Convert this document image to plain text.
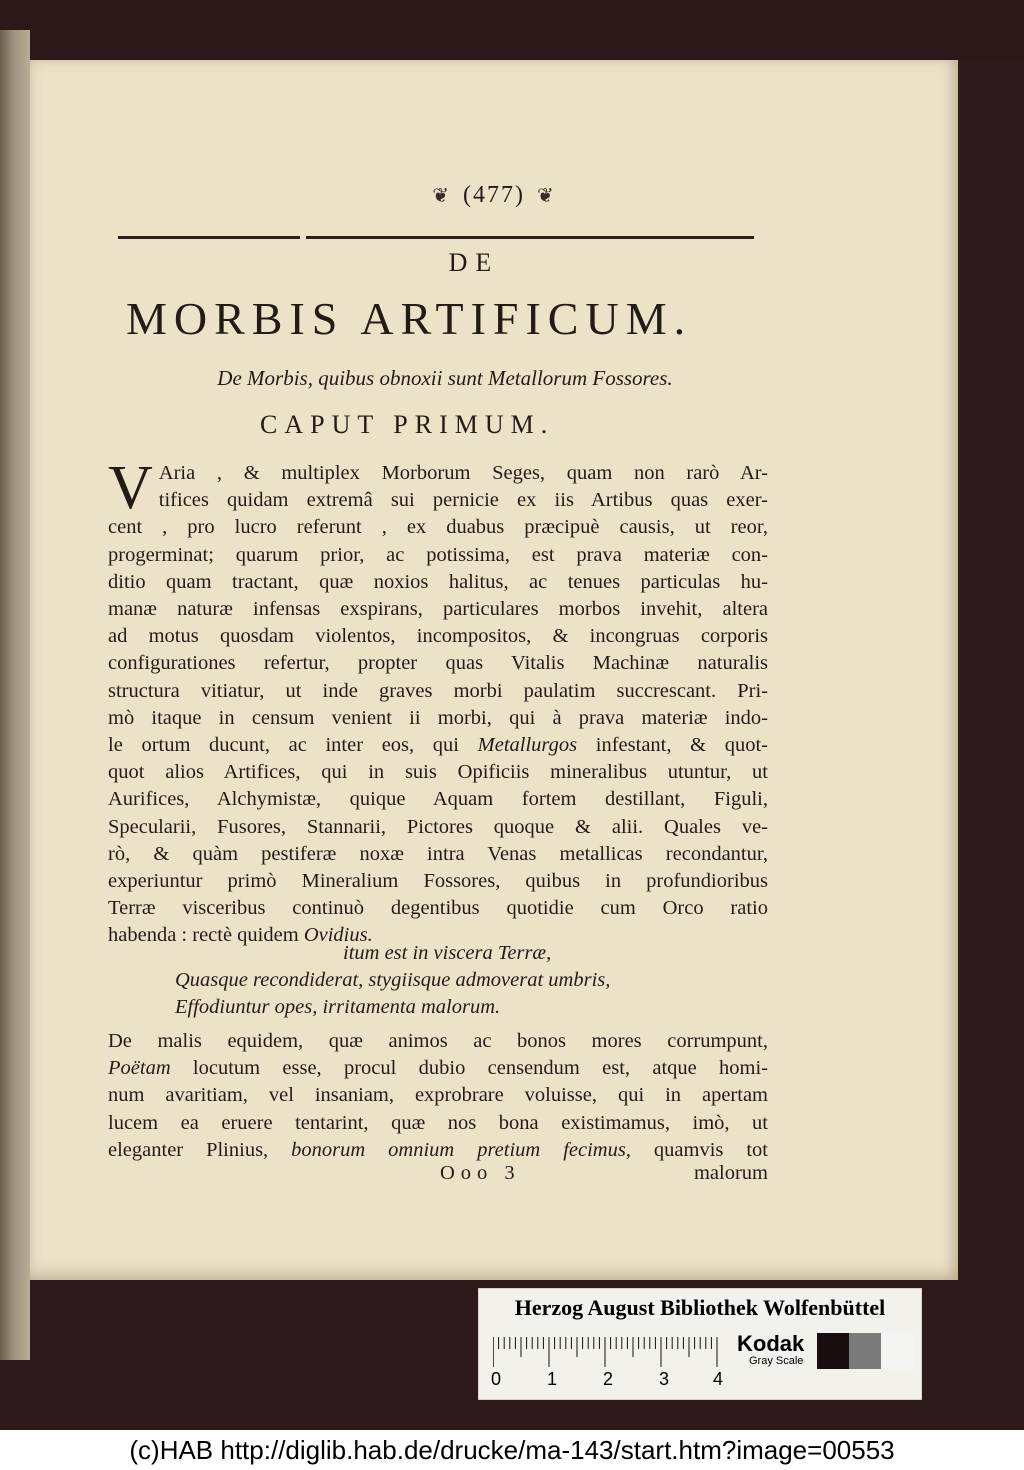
❦ (477) ❦
DE
MORBIS ARTIFICUM.
De Morbis, quibus obnoxii sunt Metallorum Fossores.
CAPUT PRIMUM.
V Aria , & multiplex Morborum Seges, quam non rarò Ar-
tifices quidam extremâ sui pernicie ex iis Artibus quas exer-
cent , pro lucro referunt , ex duabus præcipuè causis, ut reor,
progerminat; quarum prior, ac potissima, est prava materiæ con-
ditio quam tractant, quæ noxios halitus, ac tenues particulas hu-
manæ naturæ infensas exspirans, particulares morbos invehit, altera
ad motus quosdam violentos, incompositos, & incongruas corporis
configurationes refertur, propter quas Vitalis Machinæ naturalis
structura vitiatur, ut inde graves morbi paulatim succrescant. Pri-
mò itaque in censum venient ii morbi, qui à prava materiæ indo-
le ortum ducunt, ac inter eos, qui Metallurgos infestant, & quot-
quot alios Artifices, qui in suis Opificiis mineralibus utuntur, ut
Aurifices, Alchymistæ, quique Aquam fortem destillant, Figuli,
Specularii, Fusores, Stannarii, Pictores quoque & alii. Quales ve-
rò, & quàm pestiferæ noxæ intra Venas metallicas recondantur,
experiuntur primò Mineralium Fossores, quibus in profundioribus
Terræ visceribus continuò degentibus quotidie cum Orco ratio
habenda : rectè quidem Ovidius.
itum est in viscera Terræ,
Quasque recondiderat, stygiisque admoverat umbris,
Effodiuntur opes, irritamenta malorum.
De malis equidem, quæ animos ac bonos mores corrumpunt,
Poëtam locutum esse, procul dubio censendum est, atque homi-
num avaritiam, vel insaniam, exprobrare voluisse, qui in apertam
lucem ea eruere tentarint, quæ nos bona existimamus, imò, ut
eleganter Plinius, bonorum omnium pretium fecimus, quamvis tot
Ooo 3	malorum
Herzog August Bibliothek Wolfenbüttel
0	1	2	3 4
Kodak
Gray Scale
(c)HAB http://diglib.hab.de/drucke/ma-143/start.htm?image=00553
